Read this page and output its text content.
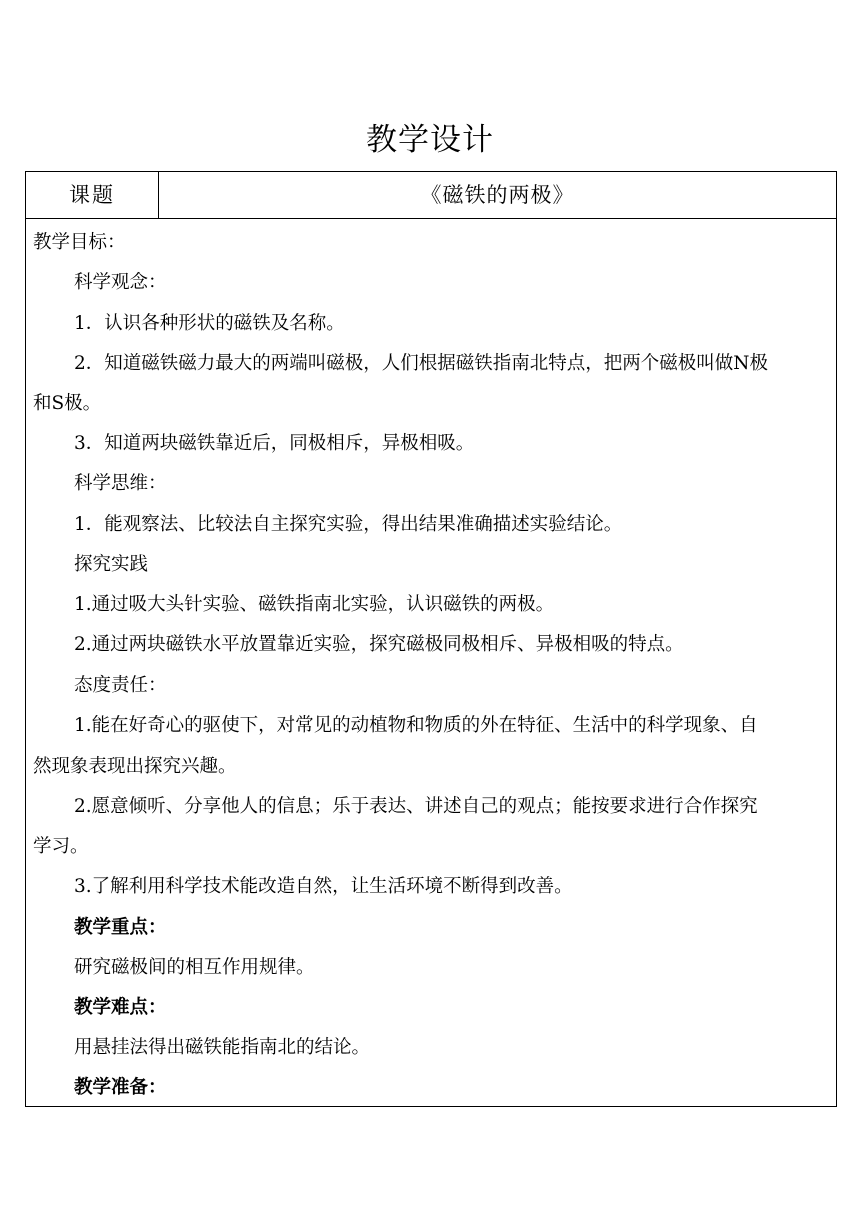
教学设计
课题	《磁铁的两极》
教学目标：
科学观念：
1．认识各种形状的磁铁及名称。
2．知道磁铁磁力最大的两端叫磁极，人们根据磁铁指南北特点，把两个磁极叫做N极
和S极。
3．知道两块磁铁靠近后，同极相斥，异极相吸。
科学思维：
1．能观察法、比较法自主探究实验，得出结果准确描述实验结论。
探究实践
1.通过吸大头针实验、磁铁指南北实验，认识磁铁的两极。
2.通过两块磁铁水平放置靠近实验，探究磁极同极相斥、异极相吸的特点。
态度责任：
1.能在好奇心的驱使下，对常见的动植物和物质的外在特征、生活中的科学现象、自
然现象表现出探究兴趣。
2.愿意倾听、分享他人的信息；乐于表达、讲述自己的观点；能按要求进行合作探究
学习。
3.了解利用科学技术能改造自然，让生活环境不断得到改善。
教学重点：
研究磁极间的相互作用规律。
教学难点：
用悬挂法得出磁铁能指南北的结论。
教学准备：
